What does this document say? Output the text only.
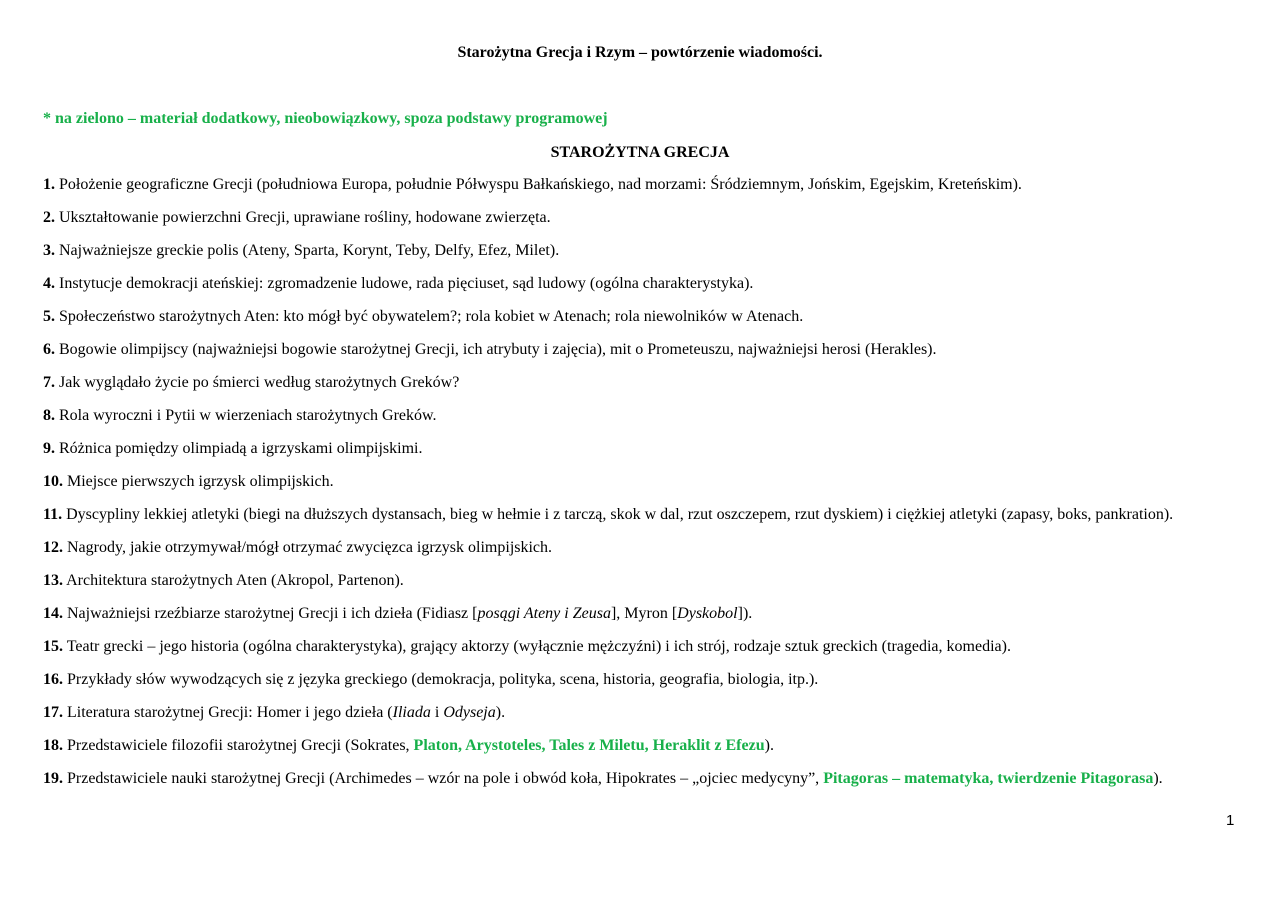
Starożytna Grecja i Rzym – powtórzenie wiadomości.
* na zielono – materiał dodatkowy, nieobowiązkowy, spoza podstawy programowej
STAROŻYTNA GRECJA
1. Położenie geograficzne Grecji (południowa Europa, południe Półwyspu Bałkańskiego, nad morzami: Śródziemnym, Jońskim, Egejskim, Kreteńskim).
2. Ukształtowanie powierzchni Grecji, uprawiane rośliny, hodowane zwierzęta.
3. Najważniejsze greckie polis (Ateny, Sparta, Korynt, Teby, Delfy, Efez, Milet).
4. Instytucje demokracji ateńskiej: zgromadzenie ludowe, rada pięciuset, sąd ludowy (ogólna charakterystyka).
5. Społeczeństwo starożytnych Aten: kto mógł być obywatelem?; rola kobiet w Atenach; rola niewolników w Atenach.
6. Bogowie olimpijscy (najważniejsi bogowie starożytnej Grecji, ich atrybuty i zajęcia), mit o Prometeuszu, najważniejsi herosi (Herakles).
7. Jak wyglądało życie po śmierci według starożytnych Greków?
8. Rola wyroczni i Pytii w wierzeniach starożytnych Greków.
9. Różnica pomiędzy olimpiadą a igrzyskami olimpijskimi.
10. Miejsce pierwszych igrzysk olimpijskich.
11. Dyscypliny lekkiej atletyki (biegi na dłuższych dystansach, bieg w hełmie i z tarczą, skok w dal, rzut oszczepem, rzut dyskiem) i ciężkiej atletyki (zapasy, boks, pankration).
12. Nagrody, jakie otrzymywał/mógł otrzymać zwycięzca igrzysk olimpijskich.
13. Architektura starożytnych Aten (Akropol, Partenon).
14. Najważniejsi rzeźbiarze starożytnej Grecji i ich dzieła (Fidiasz [posągi Ateny i Zeusa], Myron [Dyskobol]).
15. Teatr grecki – jego historia (ogólna charakterystyka), grający aktorzy (wyłącznie mężczyźni) i ich strój, rodzaje sztuk greckich (tragedia, komedia).
16. Przykłady słów wywodzących się z języka greckiego (demokracja, polityka, scena, historia, geografia, biologia, itp.).
17. Literatura starożytnej Grecji: Homer i jego dzieła (Iliada i Odyseja).
18. Przedstawiciele filozofii starożytnej Grecji (Sokrates, Platon, Arystoteles, Tales z Miletu, Heraklit z Efezu).
19. Przedstawiciele nauki starożytnej Grecji (Archimedes – wzór na pole i obwód koła, Hipokrates – „ojciec medycyny”, Pitagoras – matematyka, twierdzenie Pitagorasa).
1
